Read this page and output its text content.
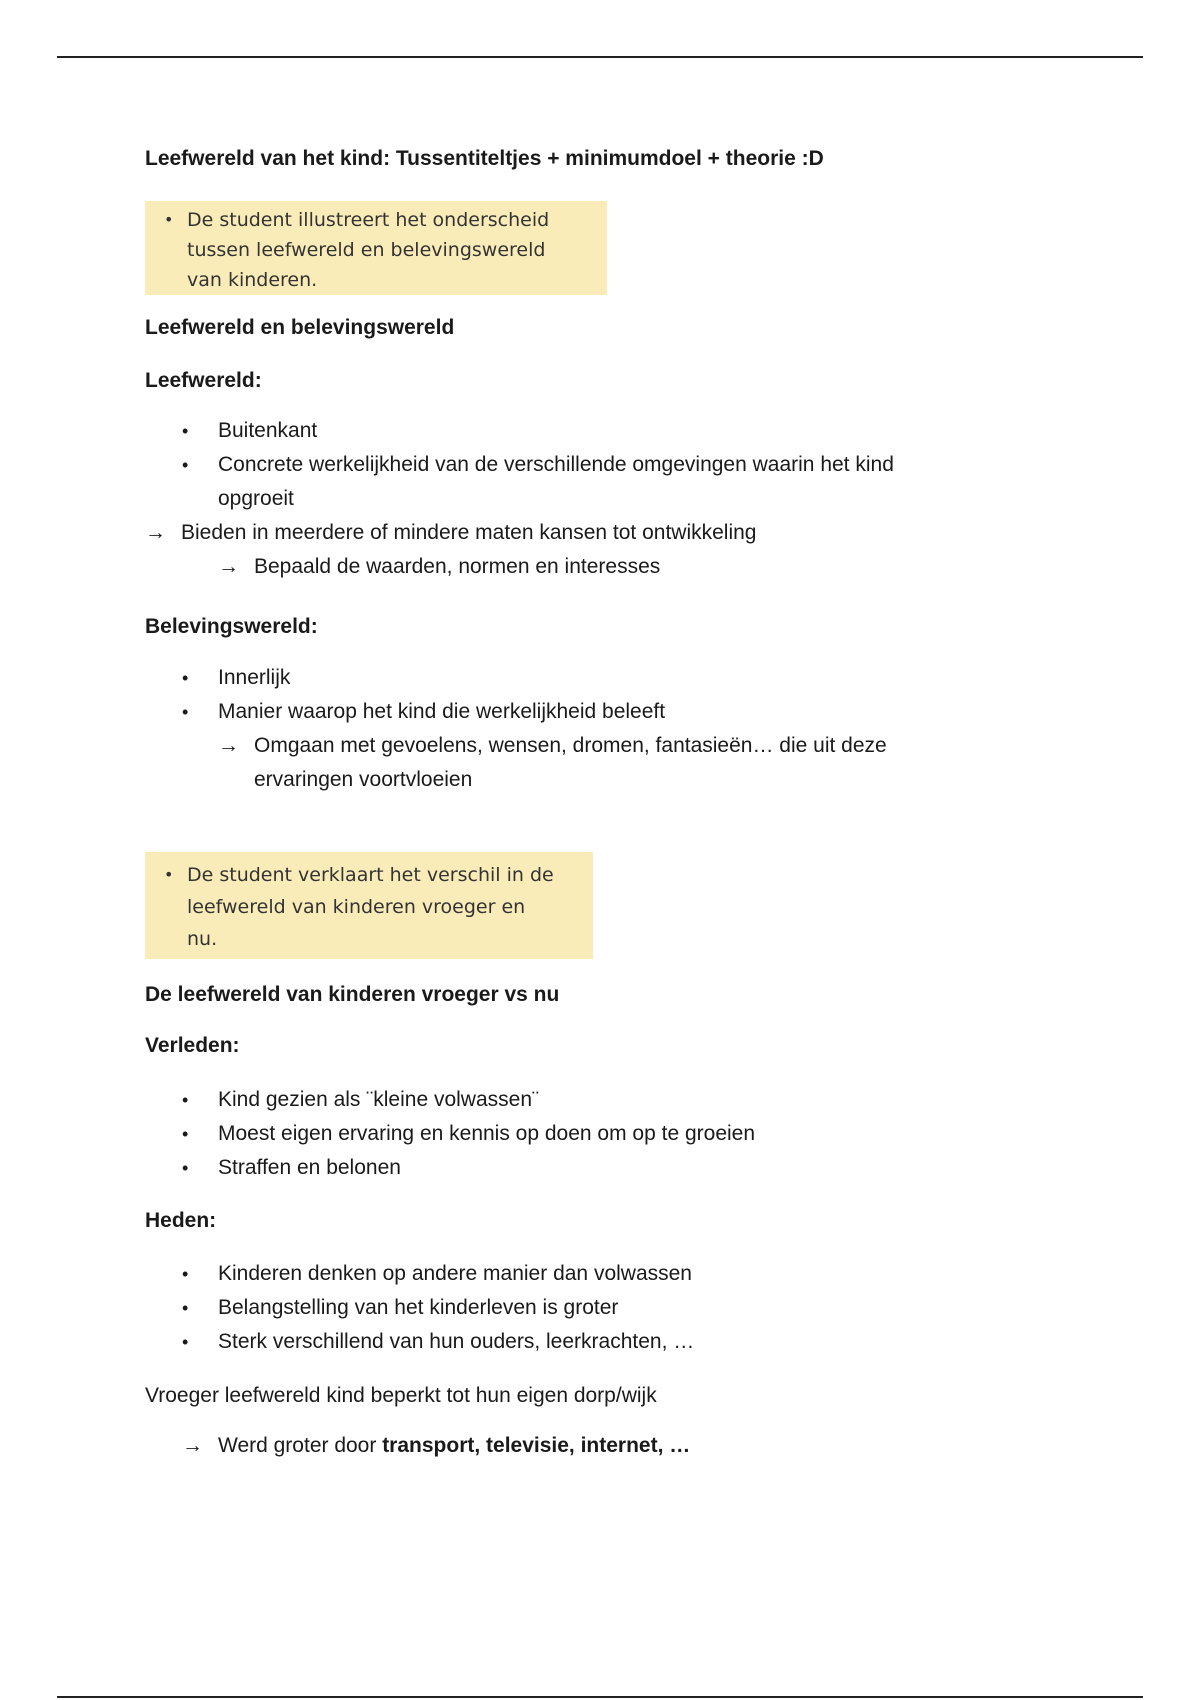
Leefwereld van het kind: Tussentiteltjes + minimumdoel + theorie :D
• De student illustreert het onderscheid
tussen leefwereld en belevingswereld
van kinderen.
Leefwereld en belevingswereld
Leefwereld:
• Buitenkant
• Concrete werkelijkheid van de verschillende omgevingen waarin het kind
opgroeit
→ Bieden in meerdere of mindere maten kansen tot ontwikkeling
→ Bepaald de waarden, normen en interesses
Belevingswereld:
• Innerlijk
• Manier waarop het kind die werkelijkheid beleeft
→ Omgaan met gevoelens, wensen, dromen, fantasieën… die uit deze
ervaringen voortvloeien
• De student verklaart het verschil in de
leefwereld van kinderen vroeger en
nu.
De leefwereld van kinderen vroeger vs nu
Verleden:
• Kind gezien als ¨kleine volwassen¨
• Moest eigen ervaring en kennis op doen om op te groeien
• Straffen en belonen
Heden:
• Kinderen denken op andere manier dan volwassen
• Belangstelling van het kinderleven is groter
• Sterk verschillend van hun ouders, leerkrachten, …
Vroeger leefwereld kind beperkt tot hun eigen dorp/wijk
→ Werd groter door transport, televisie, internet, …
